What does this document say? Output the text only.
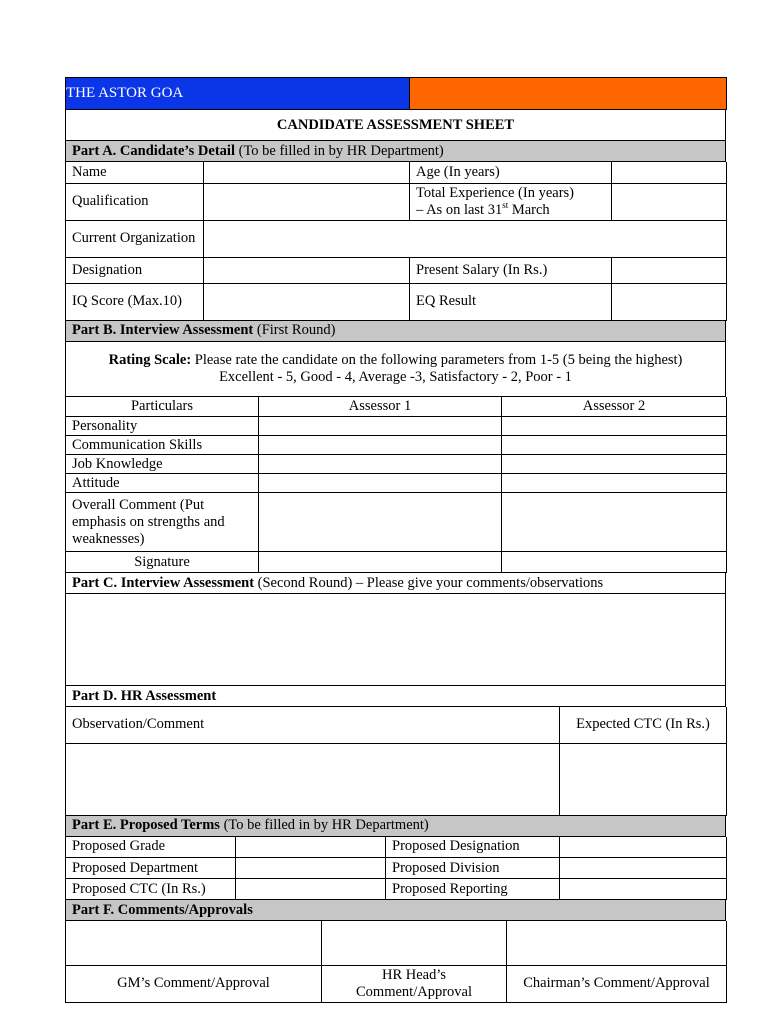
THE ASTOR GOA	
CANDIDATE ASSESSMENT SHEET
Part A. Candidate’s Detail (To be filled in by HR Department)
Name		Age (In years)	
Qualification		Total Experience (In years)
– As on last 31st March	
Current Organization			
Designation		Present Salary (In Rs.)	
IQ Score (Max.10)		EQ Result	
Part B. Interview Assessment (First Round)
Rating Scale: Please rate the candidate on the following parameters from 1-5 (5 being the highest)
Excellent - 5, Good - 4, Average -3, Satisfactory - 2, Poor - 1
Particulars	Assessor 1	Assessor 2
Personality		
Communication Skills		
Job Knowledge		
Attitude		
Overall Comment (Put emphasis on strengths and weaknesses)		
Signature		
Part C. Interview Assessment (Second Round) – Please give your comments/observations

Part D. HR Assessment
Observation/Comment	Expected CTC (In Rs.)

Part E. Proposed Terms (To be filled in by HR Department)
Proposed Grade		Proposed Designation	
Proposed Department		Proposed Division	
Proposed CTC (In Rs.)		Proposed Reporting	
Part F. Comments/Approvals

GM’s Comment/Approval	HR Head’s Comment/Approval	Chairman’s Comment/Approval
